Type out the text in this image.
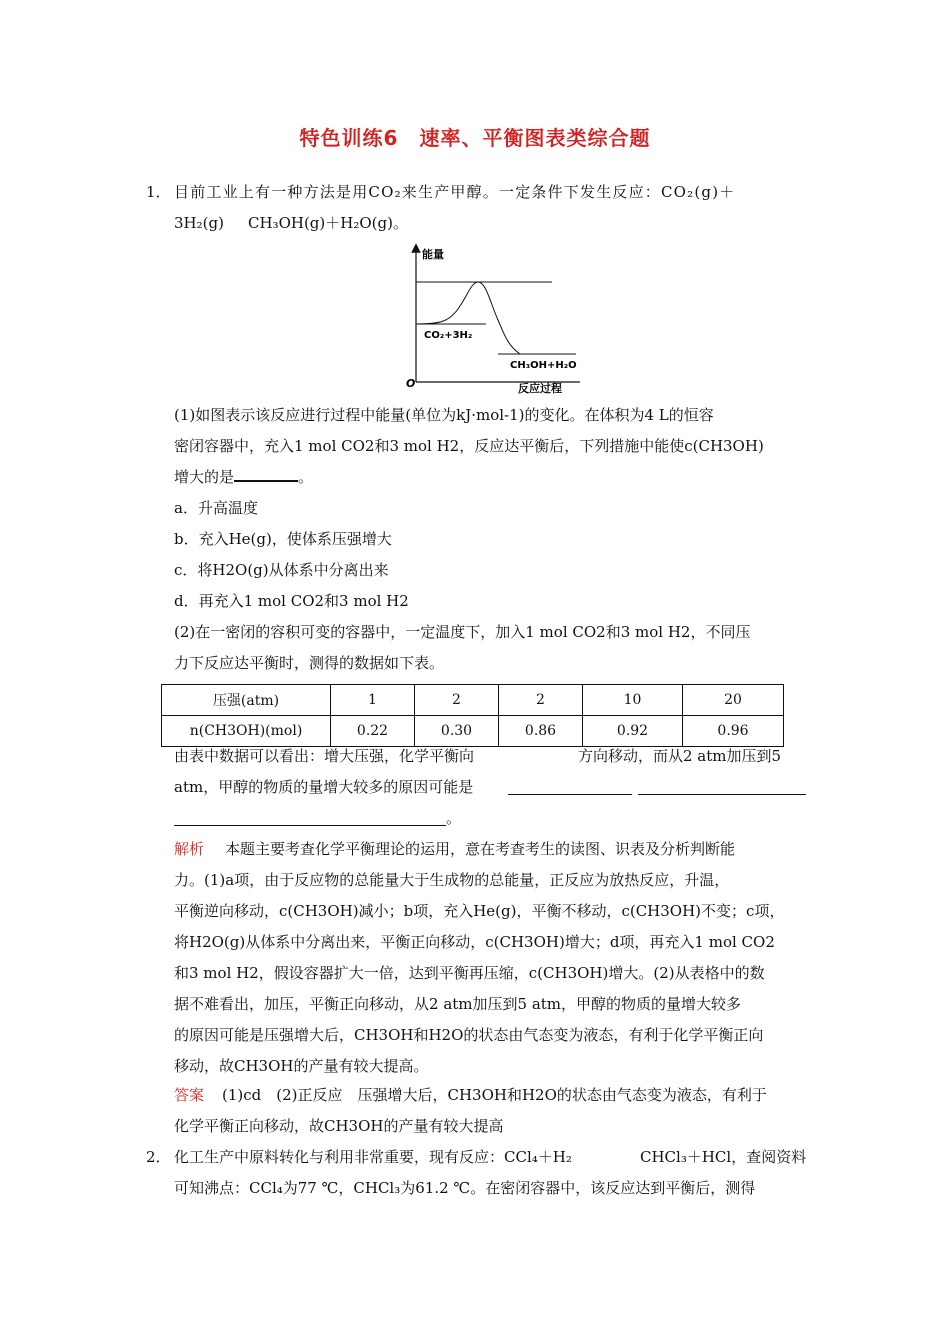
特色训练6　速率、平衡图表类综合题
1． 目前工业上有一种方法是用CO₂来生产甲醇。一定条件下发生反应：CO₂(g)＋
3H₂(g) CH₃OH(g)＋H₂O(g)。
能量
O	反应过程
CO₂+3H₂
CH₃OH+H₂O
(1)如图表示该反应进行过程中能量(单位为kJ·mol-1)的变化。在体积为4 L的恒容
密闭容器中，充入1 mol CO2和3 mol H2，反应达平衡后，下列措施中能使c(CH3OH)
增大的是	。
a．升高温度
b．充入He(g)，使体系压强增大
c．将H2O(g)从体系中分离出来
d．再充入1 mol CO2和3 mol H2
(2)在一密闭的容积可变的容器中，一定温度下，加入1 mol CO2和3 mol H2，不同压
力下反应达平衡时，测得的数据如下表。
压强(atm)	1	2	2	10	20
n(CH3OH)(mol)	0.22	0.30	0.86	0.92	0.96
由表中数据可以看出：增大压强，化学平衡向	方向移动，而从2 atm加压到5
atm，甲醇的物质的量增大较多的原因可能是
。
解析 本题主要考查化学平衡理论的运用，意在考查考生的读图、识表及分析判断能
力。(1)a项，由于反应物的总能量大于生成物的总能量，正反应为放热反应，升温，
平衡逆向移动，c(CH3OH)减小；b项，充入He(g)，平衡不移动，c(CH3OH)不变；c项，
将H2O(g)从体系中分离出来，平衡正向移动，c(CH3OH)增大；d项，再充入1 mol CO2
和3 mol H2，假设容器扩大一倍，达到平衡再压缩，c(CH3OH)增大。(2)从表格中的数
据不难看出，加压，平衡正向移动，从2 atm加压到5 atm，甲醇的物质的量增大较多
的原因可能是压强增大后，CH3OH和H2O的状态由气态变为液态，有利于化学平衡正向
移动，故CH3OH的产量有较大提高。
答案 (1)cd　(2)正反应　压强增大后，CH3OH和H2O的状态由气态变为液态，有利于
化学平衡正向移动，故CH3OH的产量有较大提高
2． 化工生产中原料转化与利用非常重要，现有反应：CCl₄＋H₂	CHCl₃＋HCl，查阅资料
可知沸点：CCl₄为77 ℃，CHCl₃为61.2 ℃。在密闭容器中，该反应达到平衡后，测得
